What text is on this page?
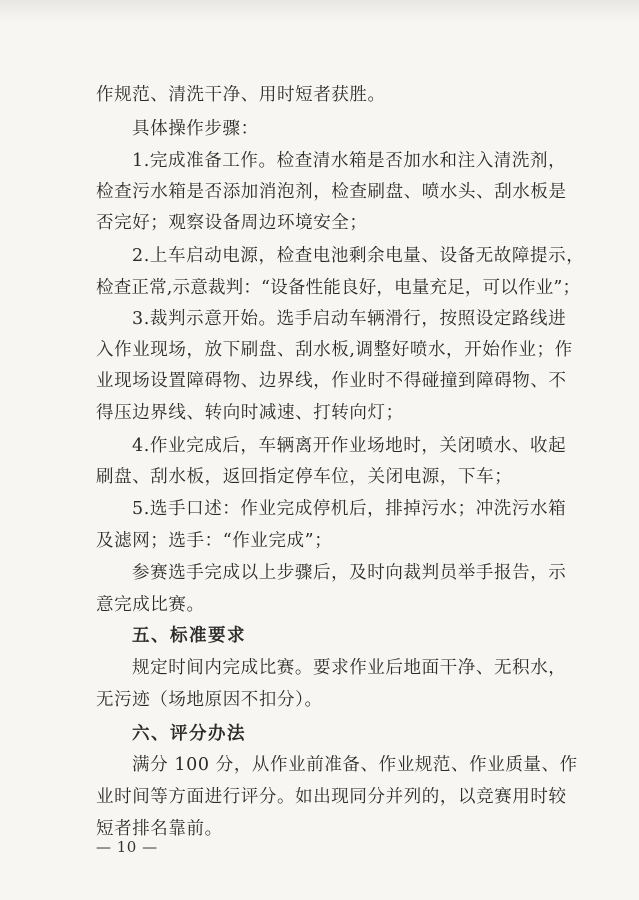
作规范、清洗干净、用时短者获胜。
具体操作步骤：
1.完成准备工作。检查清水箱是否加水和注入清洗剂，
检查污水箱是否添加消泡剂，检查刷盘、喷水头、刮水板是
否完好；观察设备周边环境安全；
2.上车启动电源，检查电池剩余电量、设备无故障提示，
检查正常,示意裁判：“设备性能良好，电量充足，可以作业”；
3.裁判示意开始。选手启动车辆滑行，按照设定路线进
入作业现场，放下刷盘、刮水板,调整好喷水，开始作业；作
业现场设置障碍物、边界线，作业时不得碰撞到障碍物、不
得压边界线、转向时减速、打转向灯；
4.作业完成后，车辆离开作业场地时，关闭喷水、收起
刷盘、刮水板，返回指定停车位，关闭电源，下车；
5.选手口述：作业完成停机后，排掉污水；冲洗污水箱
及滤网；选手：“作业完成”；
参赛选手完成以上步骤后，及时向裁判员举手报告，示
意完成比赛。
五、标准要求
规定时间内完成比赛。要求作业后地面干净、无积水，
无污迹（场地原因不扣分）。
六、评分办法
满分 100 分，从作业前准备、作业规范、作业质量、作
业时间等方面进行评分。如出现同分并列的，以竞赛用时较
短者排名靠前。
— 10 —
